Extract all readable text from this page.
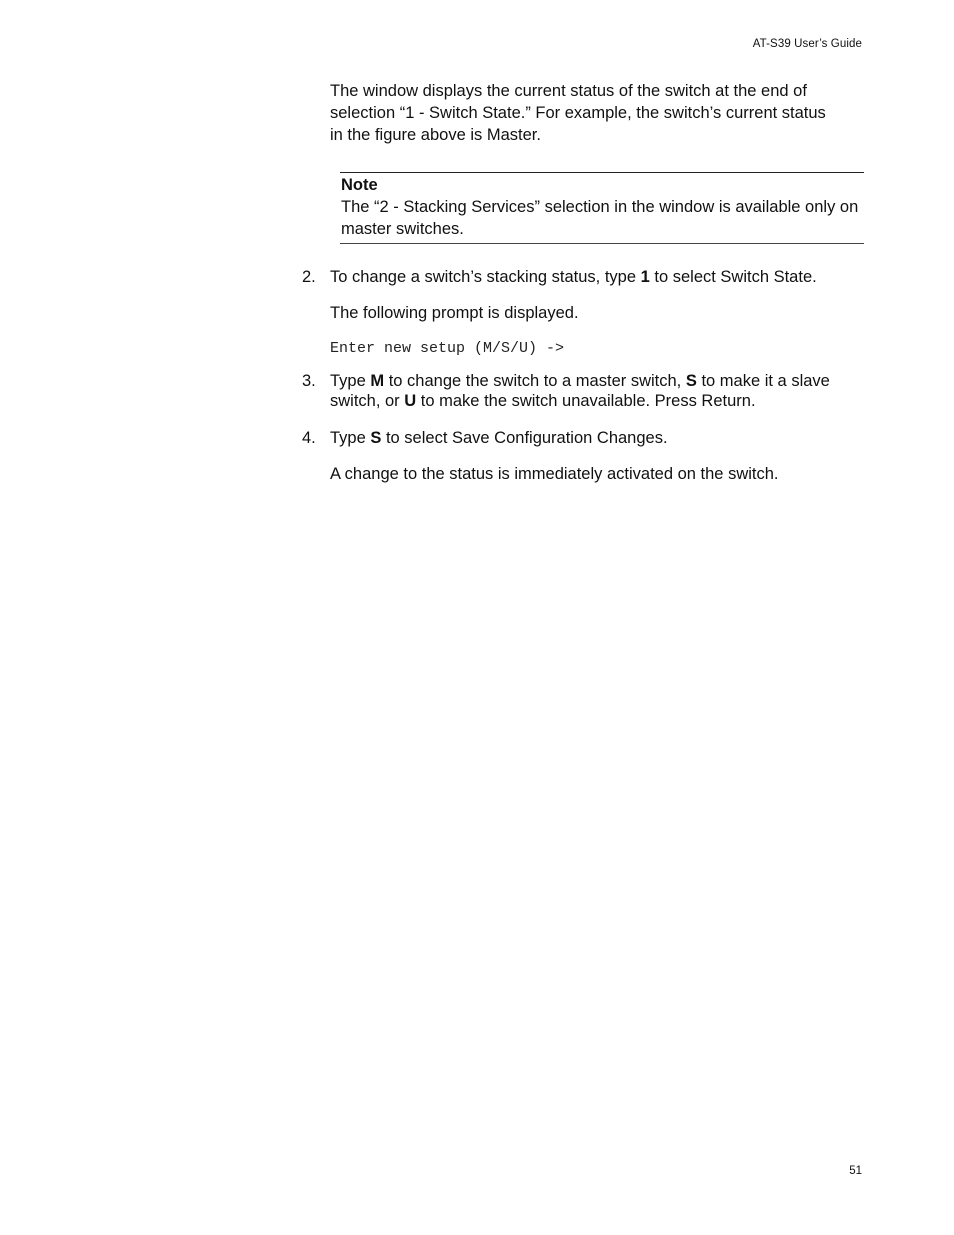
AT-S39 User’s Guide

The window displays the current status of the switch at the end of selection “1 - Switch State.” For example, the switch’s current status in the figure above is Master.

Note
The “2 - Stacking Services” selection in the window is available only on master switches.
2. To change a switch’s stacking status, type 1 to select Switch State.

The following prompt is displayed.

Enter new setup (M/S/U) ->
3. Type M to change the switch to a master switch, S to make it a slave switch, or U to make the switch unavailable. Press Return.
4. Type S to select Save Configuration Changes.

A change to the status is immediately activated on the switch.

51
